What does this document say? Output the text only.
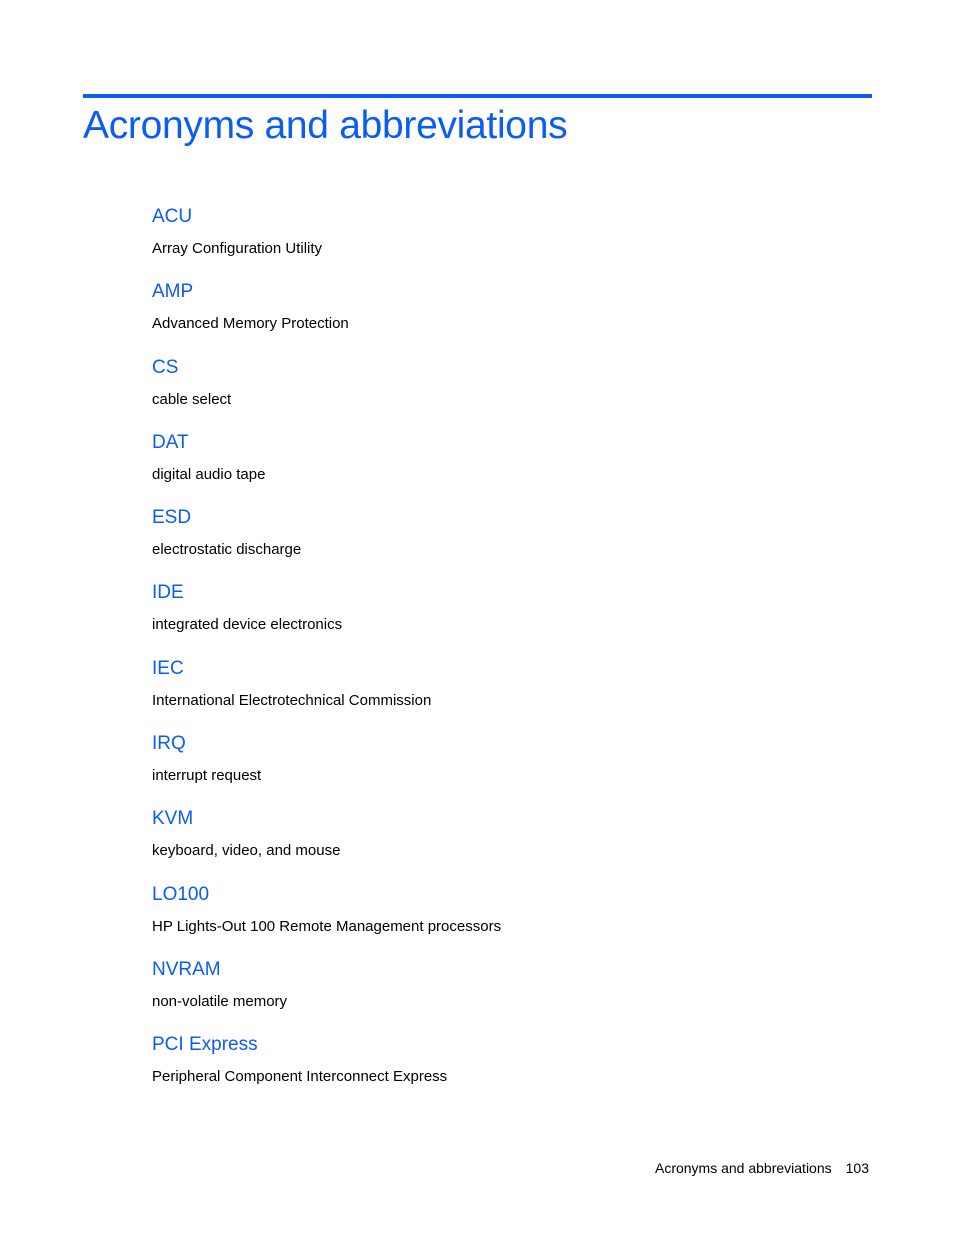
Acronyms and abbreviations
ACU
Array Configuration Utility
AMP
Advanced Memory Protection
CS
cable select
DAT
digital audio tape
ESD
electrostatic discharge
IDE
integrated device electronics
IEC
International Electrotechnical Commission
IRQ
interrupt request
KVM
keyboard, video, and mouse
LO100
HP Lights-Out 100 Remote Management processors
NVRAM
non-volatile memory
PCI Express
Peripheral Component Interconnect Express
Acronyms and abbreviations 103
